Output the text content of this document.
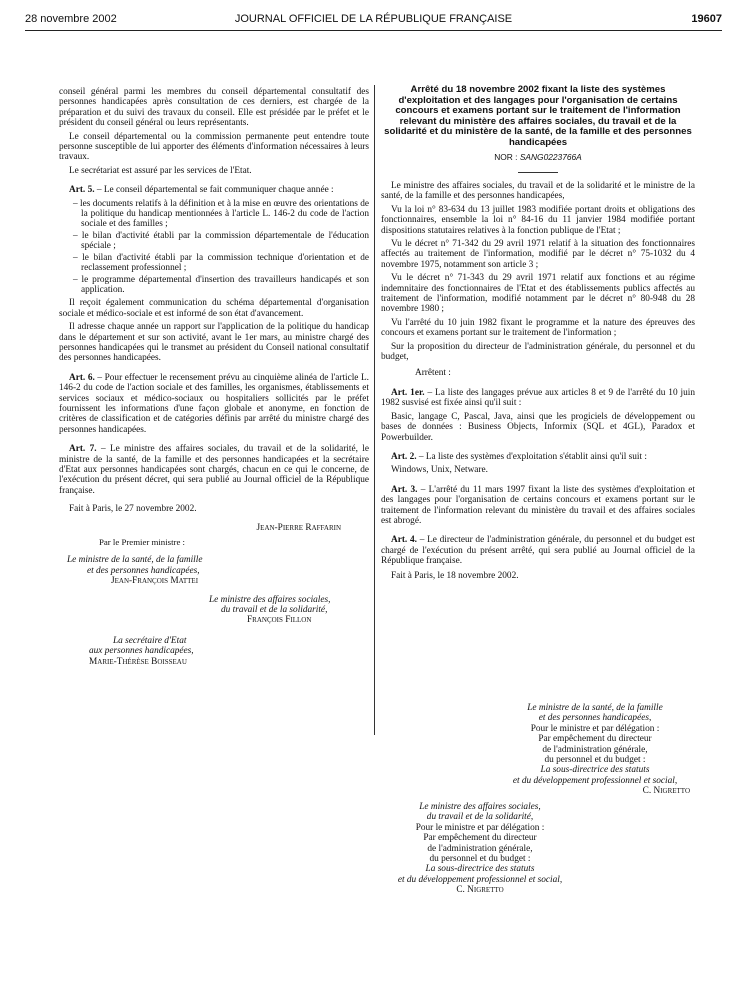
28 novembre 2002	JOURNAL OFFICIEL DE LA RÉPUBLIQUE FRANÇAISE	19607

conseil général parmi les membres du conseil départemental consultatif des personnes handicapées après consultation de ces derniers, est chargée de la préparation et du suivi des travaux du conseil. Elle est présidée par le préfet et le président du conseil général ou leurs représentants.

Le conseil départemental ou la commission permanente peut entendre toute personne susceptible de lui apporter des éléments d'information nécessaires à leurs travaux.

Le secrétariat est assuré par les services de l'Etat.

Art. 5. – Le conseil départemental se fait communiquer chaque année :

– les documents relatifs à la définition et à la mise en œuvre des orientations de la politique du handicap mentionnées à l'article L. 146-2 du code de l'action sociale et des familles ;
– le bilan d'activité établi par la commission départementale de l'éducation spéciale ;
– le bilan d'activité établi par la commission technique d'orientation et de reclassement professionnel ;
– le programme départemental d'insertion des travailleurs handicapés et son application.

Il reçoit également communication du schéma départemental d'organisation sociale et médico-sociale et est informé de son état d'avancement.

Il adresse chaque année un rapport sur l'application de la politique du handicap dans le département et sur son activité, avant le 1er mars, au ministre chargé des personnes handicapées qui le transmet au président du Conseil national consultatif des personnes handicapées.

Art. 6. – Pour effectuer le recensement prévu au cinquième alinéa de l'article L. 146-2 du code de l'action sociale et des familles, les organismes, établissements et services sociaux et médico-sociaux ou hospitaliers sollicités par le préfet fournissent les informations d'une façon globale et anonyme, en fonction de critères de classification et de catégories définis par arrêté du ministre chargé des personnes handicapées.

Art. 7. – Le ministre des affaires sociales, du travail et de la solidarité, le ministre de la santé, de la famille et des personnes handicapées et la secrétaire d'Etat aux personnes handicapées sont chargés, chacun en ce qui le concerne, de l'exécution du présent décret, qui sera publié au Journal officiel de la République française.

Fait à Paris, le 27 novembre 2002.

Jean-Pierre Raffarin
Par le Premier ministre :
Le ministre de la santé, de la famille
et des personnes handicapées,
Jean-François Mattei
Le ministre des affaires sociales,
du travail et de la solidarité,
François Fillon
La secrétaire d'Etat
aux personnes handicapées,
Marie-Thérèse Boisseau

Arrêté du 18 novembre 2002 fixant la liste des systèmes d'exploitation et des langages pour l'organisation de certains concours et examens portant sur le traitement de l'information relevant du ministère des affaires sociales, du travail et de la solidarité et du ministère de la santé, de la famille et des personnes handicapées

NOR : SANG0223766A

Le ministre des affaires sociales, du travail et de la solidarité et le ministre de la santé, de la famille et des personnes handicapées,

Vu la loi n° 83-634 du 13 juillet 1983 modifiée portant droits et obligations des fonctionnaires, ensemble la loi n° 84-16 du 11 janvier 1984 modifiée portant dispositions statutaires relatives à la fonction publique de l'Etat ;

Vu le décret n° 71-342 du 29 avril 1971 relatif à la situation des fonctionnaires affectés au traitement de l'information, modifié par le décret n° 75-1032 du 4 novembre 1975, notamment son article 3 ;

Vu le décret n° 71-343 du 29 avril 1971 relatif aux fonctions et au régime indemnitaire des fonctionnaires de l'Etat et des établissements publics affectés au traitement de l'information, modifié notamment par le décret n° 80-948 du 28 novembre 1980 ;

Vu l'arrêté du 10 juin 1982 fixant le programme et la nature des épreuves des concours et examens portant sur le traitement de l'information ;

Sur la proposition du directeur de l'administration générale, du personnel et du budget,

Arrêtent :

Art. 1er. – La liste des langages prévue aux articles 8 et 9 de l'arrêté du 10 juin 1982 susvisé est fixée ainsi qu'il suit :

Basic, langage C, Pascal, Java, ainsi que les progiciels de développement ou bases de données : Business Objects, Informix (SQL et 4GL), Paradox et Powerbuilder.

Art. 2. – La liste des systèmes d'exploitation s'établit ainsi qu'il suit :

Windows, Unix, Netware.

Art. 3. – L'arrêté du 11 mars 1997 fixant la liste des systèmes d'exploitation et des langages pour l'organisation de certains concours et examens portant sur le traitement de l'information relevant du ministère du travail et des affaires sociales est abrogé.

Art. 4. – Le directeur de l'administration générale, du personnel et du budget est chargé de l'exécution du présent arrêté, qui sera publié au Journal officiel de la République française.

Fait à Paris, le 18 novembre 2002.

Le ministre de la santé, de la famille
et des personnes handicapées,
Pour le ministre et par délégation :
Par empêchement du directeur
de l'administration générale,
du personnel et du budget :
La sous-directrice des statuts
et du développement professionnel et social,
C. Nigretto
Le ministre des affaires sociales,
du travail et de la solidarité,
Pour le ministre et par délégation :
Par empêchement du directeur
de l'administration générale,
du personnel et du budget :
La sous-directrice des statuts
et du développement professionnel et social,
C. Nigretto
